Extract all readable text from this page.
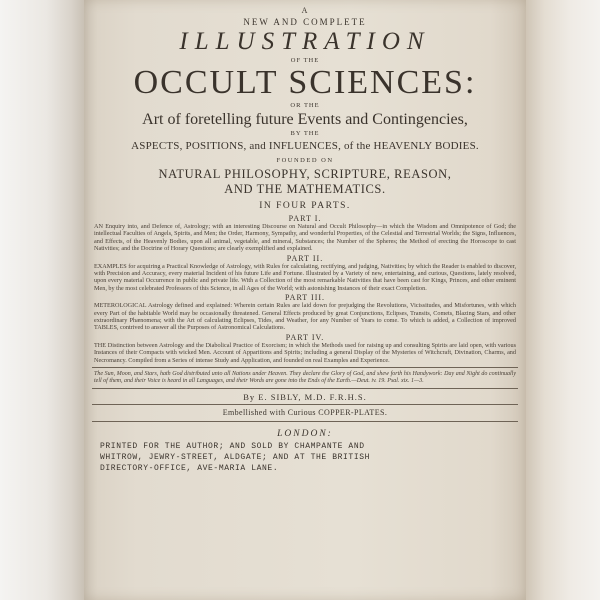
A
NEW AND COMPLETE
ILLUSTRATION
OF THE
OCCULT SCIENCES:
OR THE
Art of foretelling future Events and Contingencies,
BY THE
ASPECTS, POSITIONS, and INFLUENCES, of the HEAVENLY BODIES.
FOUNDED ON
NATURAL PHILOSOPHY, SCRIPTURE, REASON,
AND THE MATHEMATICS.
IN FOUR PARTS.
PART I.
AN Enquiry into, and Defence of, Astrology; with an interesting Discourse on Natural and Occult Philosophy—in which the Wisdom and Omnipotence of God; the intellectual Faculties of Angels, Spirits, and Men; the Order, Harmony, Sympathy, and wonderful Properties, of the Celestial and Terrestrial Worlds; the Signs, Influences, and Effects, of the Heavenly Bodies, upon all animal, vegetable, and mineral, Substances; the Number of the Spheres; the Method of erecting the Horoscope to cast Nativities; and the Doctrine of Horary Questions; are clearly exemplified and explained.
PART II.
EXAMPLES for acquiring a Practical Knowledge of Astrology, with Rules for calculating, rectifying, and judging, Nativities; by which the Reader is enabled to discover, with Precision and Accuracy, every material Incident of his future Life and Fortune. Illustrated by a Variety of new, entertaining, and curious, Questions, lately resolved, upon every material Occurrence in public and private life. With a Collection of the most remarkable Nativities that have been cast for Kings, Princes, and other eminent Men, by the most celebrated Professors of this Science, in all Ages of the World; with astonishing Instances of their exact Completion.
PART III.
METEROLOGICAL Astrology defined and explained: Wherein certain Rules are laid down for prejudging the Revolutions, Vicissitudes, and Misfortunes, with which every Part of the habitable World may be occasionally threatened. General Effects produced by great Conjunctions, Eclipses, Transits, Comets, Blazing Stars, and other extraordinary Phænomena; with the Art of calculating Eclipses, Tides, and Weather, for any Number of Years to come. To which is added, a Collection of improved TABLES, contrived to answer all the Purposes of Astronomical Calculations.
PART IV.
THE Distinction between Astrology and the Diabolical Practice of Exorcism; in which the Methods used for raising up and consulting Spirits are laid open, with various Instances of their Compacts with wicked Men. Account of Apparitions and Spirits; including a general Display of the Mysteries of Witchcraft, Divination, Charms, and Necromancy. Compiled from a Series of intense Study and Application, and founded on real Examples and Experience.
The Sun, Moon, and Stars, hath God distributed unto all Nations under Heaven. They declare the Glory of God, and shew forth his Handywork: Day and Night do continually tell of them, and their Voice is heard in all Languages, and their Words are gone into the Ends of the Earth.—Deut. iv. 19. Psal. xix. 1—3.
By E. SIBLY, M.D. F.R.H.S.
Embellished with Curious COPPER-PLATES.
LONDON:
PRINTED FOR THE AUTHOR; AND SOLD BY CHAMPANTE AND
WHITROW, JEWRY-STREET, ALDGATE; AND AT THE BRITISH
DIRECTORY-OFFICE, AVE-MARIA LANE.
